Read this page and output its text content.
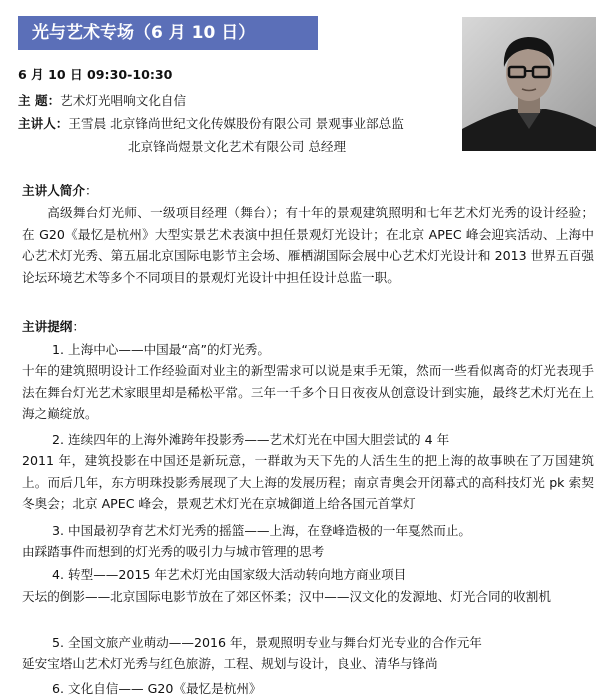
光与艺术专场（6 月 10 日）
6 月 10 日 09:30-10:30
主 题：艺术灯光唱响文化自信
主讲人：王雪晨 北京锋尚世纪文化传媒股份有限公司 景观事业部总监
北京锋尚煜景文化艺术有限公司 总经理
主讲人简介：

高级舞台灯光师、一级项目经理（舞台）；有十年的景观建筑照明和七年艺术灯光秀的设计经验；在 G20《最忆是杭州》大型实景艺术表演中担任景观灯光设计；在北京 APEC 峰会迎宾活动、上海中心艺术灯光秀、第五届北京国际电影节主会场、雁栖湖国际会展中心艺术灯光设计和 2013 世界五百强论坛环境艺术等多个不同项目的景观灯光设计中担任设计总监一职。

主讲提纲：
1. 上海中心——中国最“高”的灯光秀。
十年的建筑照明设计工作经验面对业主的新型需求可以说是束手无策，然而一些看似离奇的灯光表现手法在舞台灯光艺术家眼里却是稀松平常。三年一千多个日日夜夜从创意设计到实施，最终艺术灯光在上海之巅绽放。
2. 连续四年的上海外滩跨年投影秀——艺术灯光在中国大胆尝试的 4 年
2011 年，建筑投影在中国还是新玩意，一群敢为天下先的人活生生的把上海的故事映在了万国建筑上。而后几年，东方明珠投影秀展现了大上海的发展历程；南京青奥会开闭幕式的高科技灯光 pk 索契冬奥会；北京 APEC 峰会，景观艺术灯光在京城御道上给各国元首掌灯
3. 中国最初孕育艺术灯光秀的摇篮——上海，在登峰造极的一年戛然而止。
由踩踏事件而想到的灯光秀的吸引力与城市管理的思考
4. 转型——2015 年艺术灯光由国家级大活动转向地方商业项目
天坛的倒影——北京国际电影节放在了郊区怀柔；汉中——汉文化的发源地、灯光合同的收割机
5. 全国文旅产业萌动——2016 年，景观照明专业与舞台灯光专业的合作元年
延安宝塔山艺术灯光秀与红色旅游，工程、规划与设计，良业、清华与锋尚
6. 文化自信—— G20《最忆是杭州》
